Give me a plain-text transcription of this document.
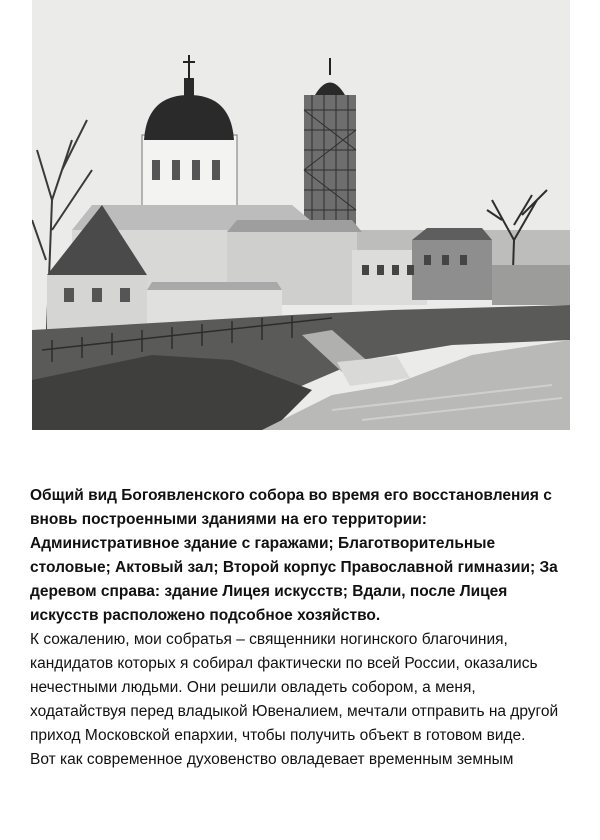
Общий вид Богоявленского собора во время его восстановления с вновь построенными зданиями на его территории: Административное здание с гаражами; Благотворительные столовые; Актовый зал; Второй корпус Православной гимназии; За деревом справа: здание Лицея искусств; Вдали, после Лицея искусств расположено подсобное хозяйство.

К сожалению, мои собратья – священники ногинского благочиния, кандидатов которых я собирал фактически по всей России, оказались нечестными людьми. Они решили овладеть собором, а меня, ходатайствуя перед владыкой Ювеналием, мечтали отправить на другой приход Московской епархии, чтобы получить объект в готовом виде.

Вот как современное духовенство овладевает временным земным
